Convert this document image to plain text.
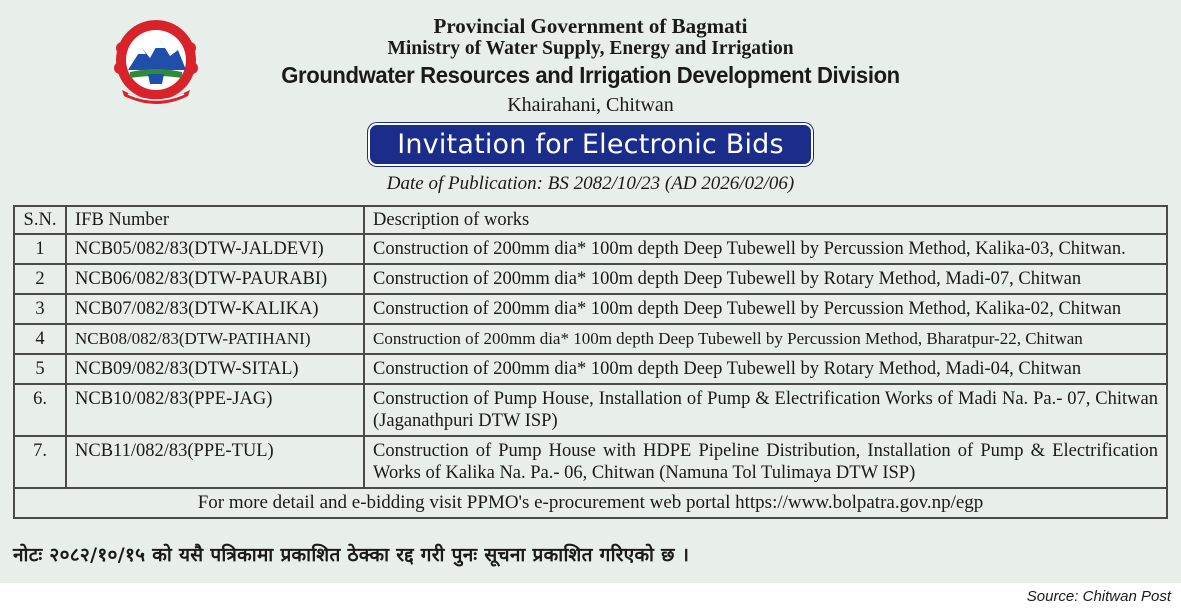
Provincial Government of Bagmati
Ministry of Water Supply, Energy and Irrigation
Groundwater Resources and Irrigation Development Division
Khairahani, Chitwan
Invitation for Electronic Bids
Date of Publication: BS 2082/10/23 (AD 2026/02/06)
S.N.	IFB Number	Description of works
1	NCB05/082/83(DTW-JALDEVI)	Construction of 200mm dia* 100m depth Deep Tubewell by Percussion Method, Kalika-03, Chitwan.
2	NCB06/082/83(DTW-PAURABI)	Construction of 200mm dia* 100m depth Deep Tubewell by Rotary Method, Madi-07, Chitwan
3	NCB07/082/83(DTW-KALIKA)	Construction of 200mm dia* 100m depth Deep Tubewell by Percussion Method, Kalika-02, Chitwan
4	NCB08/082/83(DTW-PATIHANI)	Construction of 200mm dia* 100m depth Deep Tubewell by Percussion Method, Bharatpur-22, Chitwan
5	NCB09/082/83(DTW-SITAL)	Construction of 200mm dia* 100m depth Deep Tubewell by Rotary Method, Madi-04, Chitwan
6.	NCB10/082/83(PPE-JAG)	Construction of Pump House, Installation of Pump & Electrification Works of Madi Na. Pa.- 07, Chitwan (Jaganathpuri DTW ISP)
7.	NCB11/082/83(PPE-TUL)	Construction of Pump House with HDPE Pipeline Distribution, Installation of Pump & Electrification Works of Kalika Na. Pa.- 06, Chitwan (Namuna Tol Tulimaya DTW ISP)
For more detail and e-bidding visit PPMO's e-procurement web portal https://www.bolpatra.gov.np/egp		
नोटः २०८२/१०/१५ को यसै पत्रिकामा प्रकाशित ठेक्का रद्द गरी पुनः सूचना प्रकाशित गरिएको छ ।
Source: Chitwan Post
